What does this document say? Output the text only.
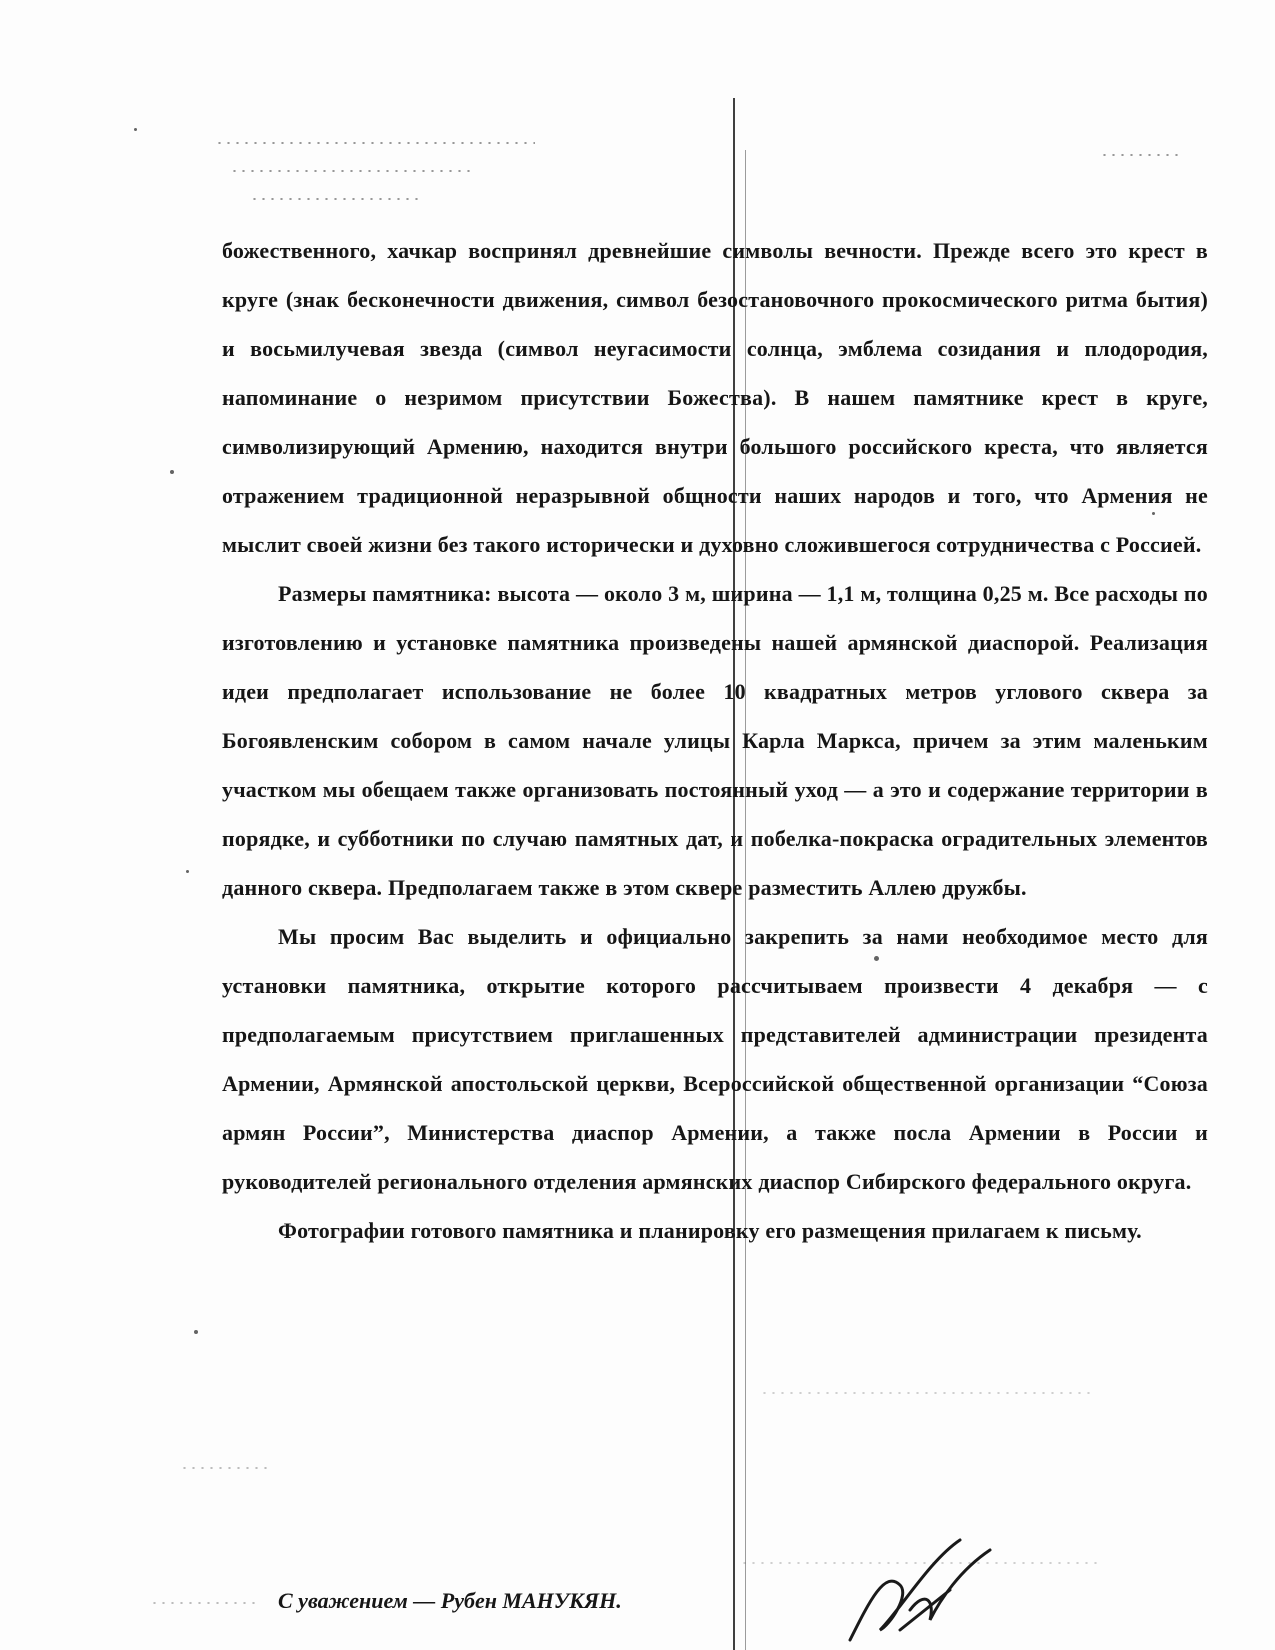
божественного, хачкар воспринял древнейшие символы вечности. Прежде всего это крест в круге (знак бесконечности движения, символ безостановочного прокосмического ритма бытия) и восьмилучевая звезда (символ неугасимости солнца, эмблема созидания и плодородия, напоминание о незримом присутствии Божества). В нашем памятнике крест в круге, символизирующий Армению, находится внутри большого российского креста, что является отражением традиционной неразрывной общности наших народов и того, что Армения не мыслит своей жизни без такого исторически и духовно сложившегося сотрудничества с Россией.

Размеры памятника: высота — около 3 м, ширина — 1,1 м, толщина 0,25 м. Все расходы по изготовлению и установке памятника произведены нашей армянской диаспорой. Реализация идеи предполагает использование не более 10 квадратных метров углового сквера за Богоявленским собором в самом начале улицы Карла Маркса, причем за этим маленьким участком мы обещаем также организовать постоянный уход — а это и содержание территории в порядке, и субботники по случаю памятных дат, и побелка-покраска оградительных элементов данного сквера. Предполагаем также в этом сквере разместить Аллею дружбы.

Мы просим Вас выделить и официально закрепить за нами необходимое место для установки памятника, открытие которого рассчитываем произвести 4 декабря — с предполагаемым присутствием приглашенных представителей администрации президента Армении, Армянской апостольской церкви, Всероссийской общественной организации “Союза армян России”, Министерства диаспор Армении, а также посла Армении в России и руководителей регионального отделения армянских диаспор Сибирского федерального округа.

Фотографии готового памятника и планировку его размещения прилагаем к письму.

С уважением — Рубен МАНУКЯН.
